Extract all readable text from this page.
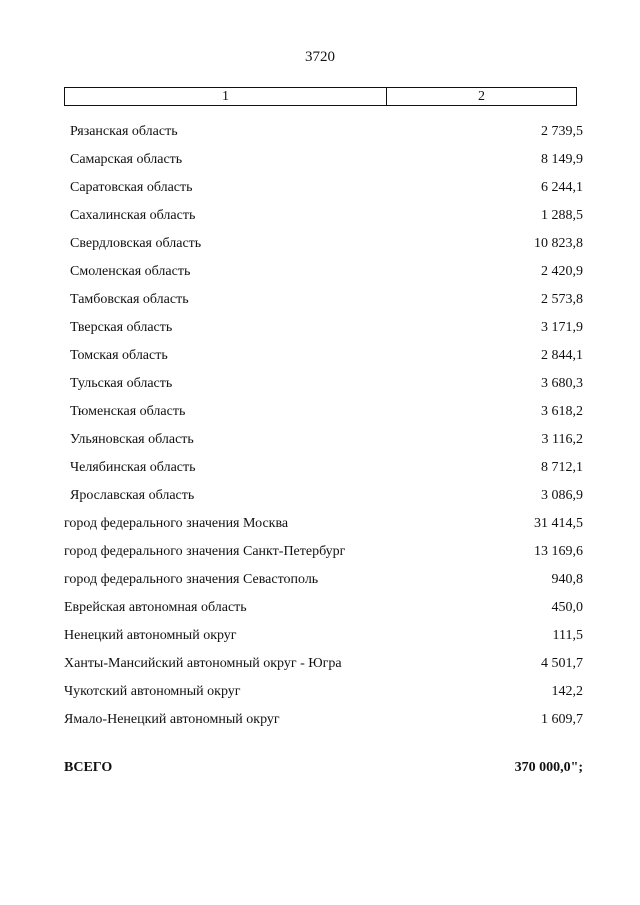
3720
1	2
Рязанская область	2 739,5
Самарская область	8 149,9
Саратовская область	6 244,1
Сахалинская область	1 288,5
Свердловская область	10 823,8
Смоленская область	2 420,9
Тамбовская область	2 573,8
Тверская область	3 171,9
Томская область	2 844,1
Тульская область	3 680,3
Тюменская область	3 618,2
Ульяновская область	3 116,2
Челябинская область	8 712,1
Ярославская область	3 086,9
город федерального значения Москва	31 414,5
город федерального значения Санкт-Петербург	13 169,6
город федерального значения Севастополь	940,8
Еврейская автономная область	450,0
Ненецкий автономный округ	111,5
Ханты-Мансийский автономный округ - Югра	4 501,7
Чукотский автономный округ	142,2
Ямало-Ненецкий автономный округ	1 609,7
ВСЕГО	370 000,0";
